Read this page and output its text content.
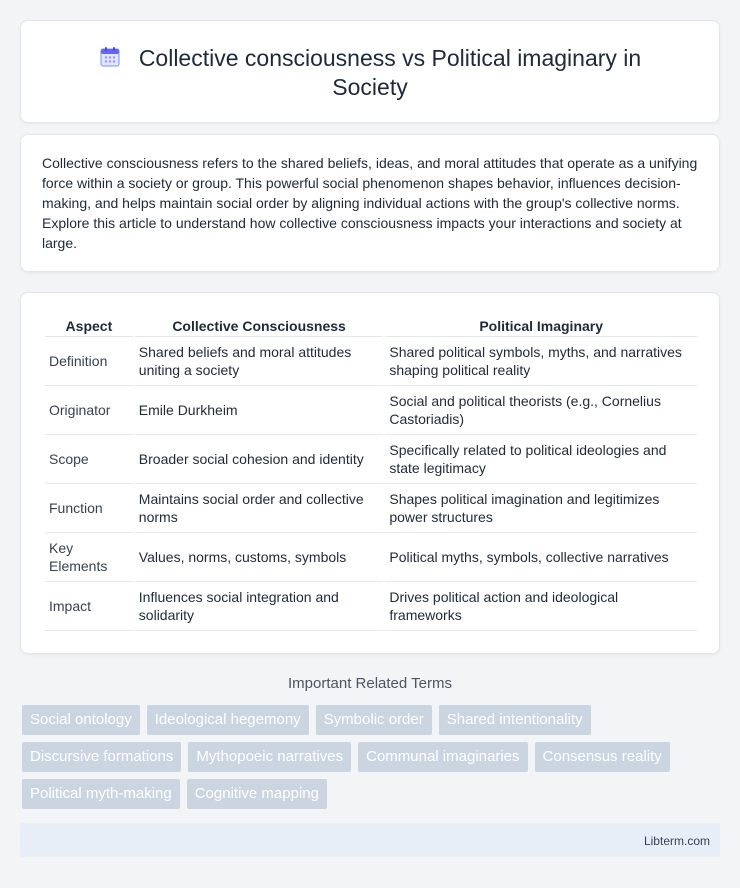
Collective consciousness vs Political imaginary in Society

Collective consciousness refers to the shared beliefs, ideas, and moral attitudes that operate as a unifying force within a society or group. This powerful social phenomenon shapes behavior, influences decision-making, and helps maintain social order by aligning individual actions with the group's collective norms. Explore this article to understand how collective consciousness impacts your interactions and society at large.

Aspect	Collective Consciousness	Political Imaginary
Definition	Shared beliefs and moral attitudes uniting a society	Shared political symbols, myths, and narratives shaping political reality
Originator	Emile Durkheim	Social and political theorists (e.g., Cornelius Castoriadis)
Scope	Broader social cohesion and identity	Specifically related to political ideologies and state legitimacy
Function	Maintains social order and collective norms	Shapes political imagination and legitimizes power structures
Key Elements	Values, norms, customs, symbols	Political myths, symbols, collective narratives
Impact	Influences social integration and solidarity	Drives political action and ideological frameworks
Important Related Terms
Social ontology	Ideological hegemony	Symbolic order	Shared intentionality
Discursive formations	Mythopoeic narratives	Communal imaginaries	Consensus reality
Political myth-making	Cognitive mapping
Libterm.com
